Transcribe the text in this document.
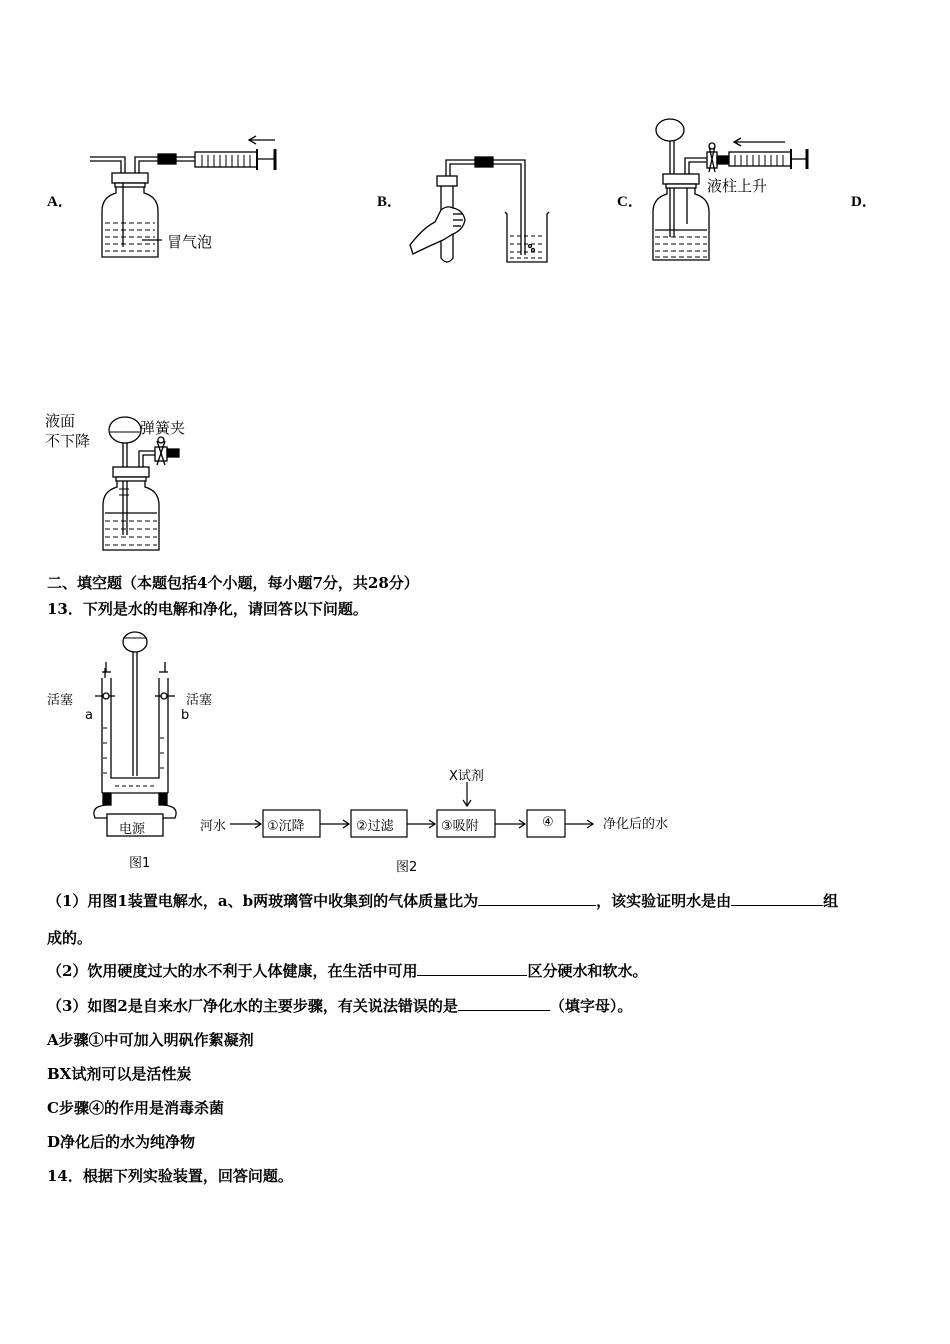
A．	B．	C．	D．
冒气泡
液柱上升
液面
不下降
弹簧夹
二、填空题（本题包括4个小题，每小题7分，共28分）
13．下列是水的电解和净化，请回答以下问题。
活塞	活塞
a	b
电源
图1
X试剂
河水	①沉降	②过滤	③吸附	④	净化后的水
图2
（1）用图1装置电解水，a、b两玻璃管中收集到的气体质量比为	，该实验证明水是由	组
成的。
（2）饮用硬度过大的水不利于人体健康，在生活中可用	区分硬水和软水。
（3）如图2是自来水厂净化水的主要步骤，有关说法错误的是	（填字母）。
A步骤①中可加入明矾作絮凝剂
BX试剂可以是活性炭
C步骤④的作用是消毒杀菌
D净化后的水为纯净物
14．根据下列实验装置，回答问题。
